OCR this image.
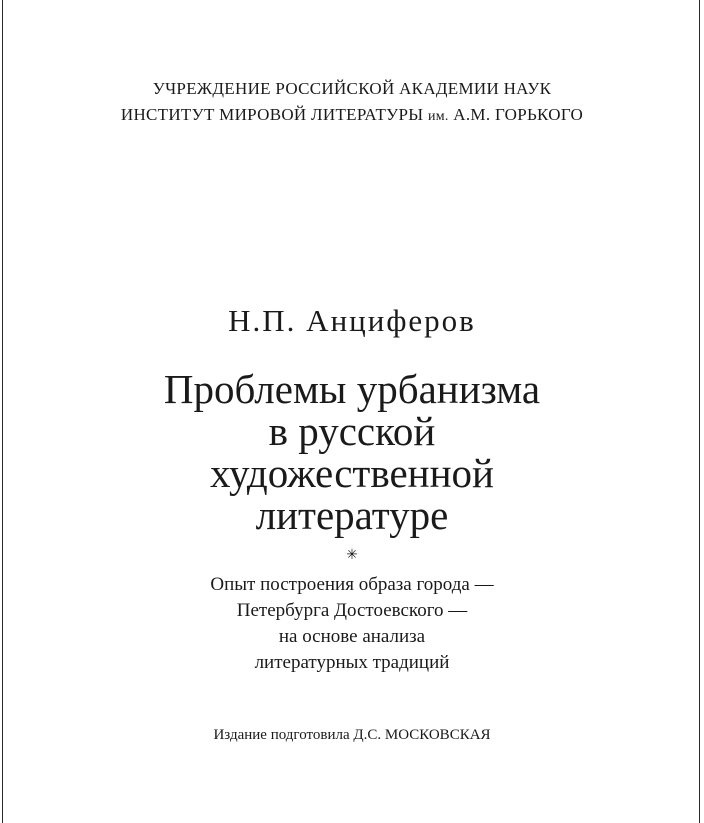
УЧРЕЖДЕНИЕ РОССИЙСКОЙ АКАДЕМИИ НАУК
ИНСТИТУТ МИРОВОЙ ЛИТЕРАТУРЫ им. А.М. ГОРЬКОГО
Н.П. Анциферов
Проблемы урбанизма
в русской
художественной
литературе
✳
Опыт построения образа города —
Петербурга Достоевского —
на основе анализа
литературных традиций
Издание подготовила Д.С. МОСКОВСКАЯ
